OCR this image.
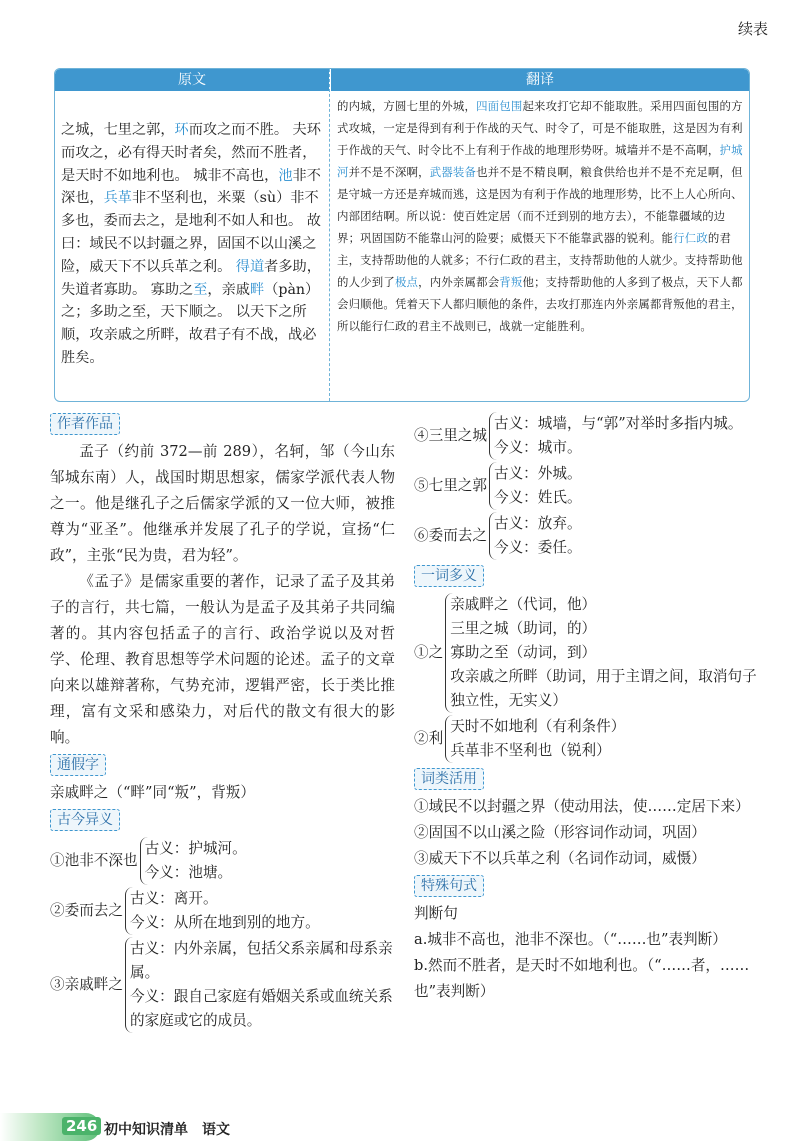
续表
原文	翻译
之城，七里之郭，环而攻之而不胜。 夫环而攻之，必有得天时者矣，然而不胜者，是天时不如地利也。 城非不高也，池非不深也，兵革非不坚利也，米粟（sù）非不多也，委而去之，是地利不如人和也。 故曰：域民不以封疆之界，固国不以山溪之险，威天下不以兵革之利。 得道者多助，失道者寡助。 寡助之至，亲戚畔（pàn）之；多助之至，天下顺之。 以天下之所顺，攻亲戚之所畔，故君子有不战，战必胜矣。
的内城，方圆七里的外城，四面包围起来攻打它却不能取胜。采用四面包围的方式攻城，一定是得到有利于作战的天气、时令了，可是不能取胜，这是因为有利于作战的天气、时令比不上有利于作战的地理形势呀。城墙并不是不高啊，护城河并不是不深啊，武器装备也并不是不精良啊，粮食供给也并不是不充足啊，但是守城一方还是弃城而逃，这是因为有利于作战的地理形势，比不上人心所向、内部团结啊。所以说：使百姓定居（而不迁到别的地方去），不能靠疆域的边界；巩固国防不能靠山河的险要；威慑天下不能靠武器的锐利。能行仁政的君主，支持帮助他的人就多；不行仁政的君主，支持帮助他的人就少。支持帮助他的人少到了极点，内外亲属都会背叛他；支持帮助他的人多到了极点，天下人都会归顺他。凭着天下人都归顺他的条件，去攻打那连内外亲属都背叛他的君主，所以能行仁政的君主不战则已，战就一定能胜利。
作者作品

孟子（约前 372—前 289），名轲，邹（今山东邹城东南）人，战国时期思想家，儒家学派代表人物之一。他是继孔子之后儒家学派的又一位大师，被推尊为“亚圣”。他继承并发展了孔子的学说，宣扬“仁政”，主张“民为贵，君为轻”。

《孟子》是儒家重要的著作，记录了孟子及其弟子的言行，共七篇，一般认为是孟子及其弟子共同编著的。其内容包括孟子的言行、政治学说以及对哲学、伦理、教育思想等学术问题的论述。孟子的文章向来以雄辩著称，气势充沛，逻辑严密，长于类比推理，富有文采和感染力，对后代的散文有很大的影响。

通假字

亲戚畔之（“畔”同“叛”，背叛）

古今异义
①池非不深也
古义：护城河。
今义：池塘。
②委而去之
古义：离开。
今义：从所在地到别的地方。
③亲戚畔之
古义：内外亲属，包括父系亲属和母系亲属。
今义：跟自己家庭有婚姻关系或血统关系的家庭或它的成员。
④三里之城
古义：城墙，与“郭”对举时多指内城。
今义：城市。
⑤七里之郭
古义：外城。
今义：姓氏。
⑥委而去之
古义：放弃。
今义：委任。
一词多义
①之
亲戚畔之（代词，他）
三里之城（助词，的）
寡助之至（动词，到）
攻亲戚之所畔（助词，用于主谓之间，取消句子独立性，无实义）
②利
天时不如地利（有利条件）
兵革非不坚利也（锐利）
词类活用
①域民不以封疆之界（使动用法，使……定居下来）
②固国不以山溪之险（形容词作动词，巩固）
③威天下不以兵革之利（名词作动词，威慑）
特殊句式

判断句

a.城非不高也，池非不深也。（“……也”表判断）

b.然而不胜者，是天时不如地利也。（“……者，……也”表判断）

246 初中知识清单　 语文
